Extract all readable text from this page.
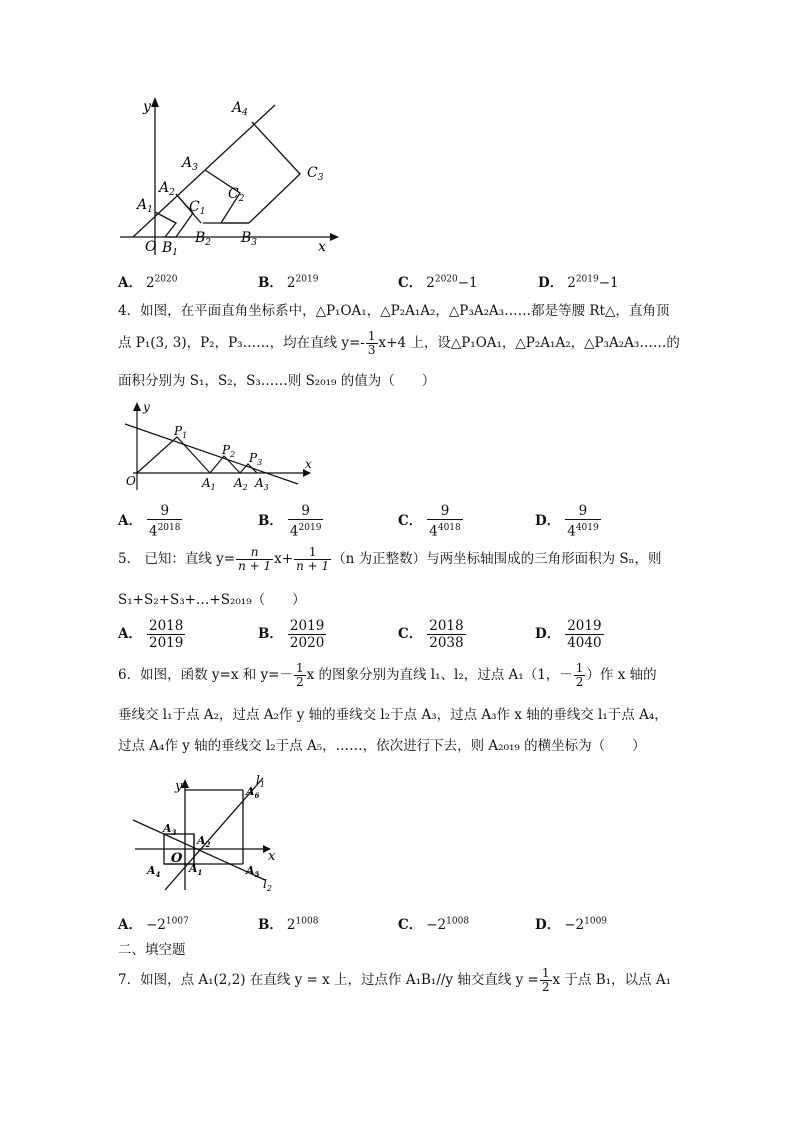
y
x
O
$A_1$
$A_2$
$A_3$
$A_4$
$B_1$
$B_2$ $B_3$
$C_1$
$C_2$
$C_3$
A． $2^{2020}$	B． $2^{2019}$	C． $2^{2020}-1$	D． $2^{2019}-1$
4．如图，在平面直角坐标系中，△P₁OA₁，△P₂A₁A₂，△P₃A₂A₃……都是等腰 Rt△，直角顶
点 P₁(3, 3)，P₂，P₃……，均在直线 $y=- \frac{1}{3} x+4$ 上，设△P₁OA₁，△P₂A₁A₂，△P₃A₂A₃……的
面积分别为 S₁，S₂，S₃……则 S₂₀₁₉ 的值为（　　）
y
x
O
$P_1$
$P_2$ $P_3$
$A_1$ $A_2$ $A_3$
A． $\frac{9}{4^{2018}}$	B． $\frac{9}{4^{2019}}$	C． $\frac{9}{4^{4018}}$	D． $\frac{9}{4^{4019}}$
5． 已知：直线 $y= \frac{n}{n + 1} x+ \frac{1}{n + 1} (n$ 为正整数）与两坐标轴围成的三角形面积为 Sₙ，则
S₁+S₂+S₃+…+S₂₀₁₉（　　）
A． $\frac{2018}{2019}$	B． $\frac{2019}{2020}$	C． $\frac{2018}{2038}$	D． $\frac{2019}{4040}$
6．如图，函数 y=x 和 $y=- \frac{1}{2}$ x 的图象分别为直线 l₁、l₂，过点 A₁（1，－ $\frac{1}{2}$ ）作 x 轴的
垂线交 l₁于点 A₂，过点 A₂作 y 轴的垂线交 l₂于点 A₃，过点 A₃作 x 轴的垂线交 l₁于点 A₄，
过点 A₄作 y 轴的垂线交 l₂于点 A₅，……，依次进行下去，则 A₂₀₁₉ 的横坐标为（　　）
y
x
O
$l_1$
$l_2$
$A_1$
$A_2$
$A_3$
$A_4$	$A_5$
$A_6$
A． $-2^{1007}$	B． $2^{1008}$	C． $-2^{1008}$	D． $-2^{1009}$
二、填空题
7．如图，点 A₁(2,2) 在直线 y = x 上，过点作 A₁B₁//y 轴交直线 $y = \frac{1}{2}$ x 于点 B₁，以点 A₁
